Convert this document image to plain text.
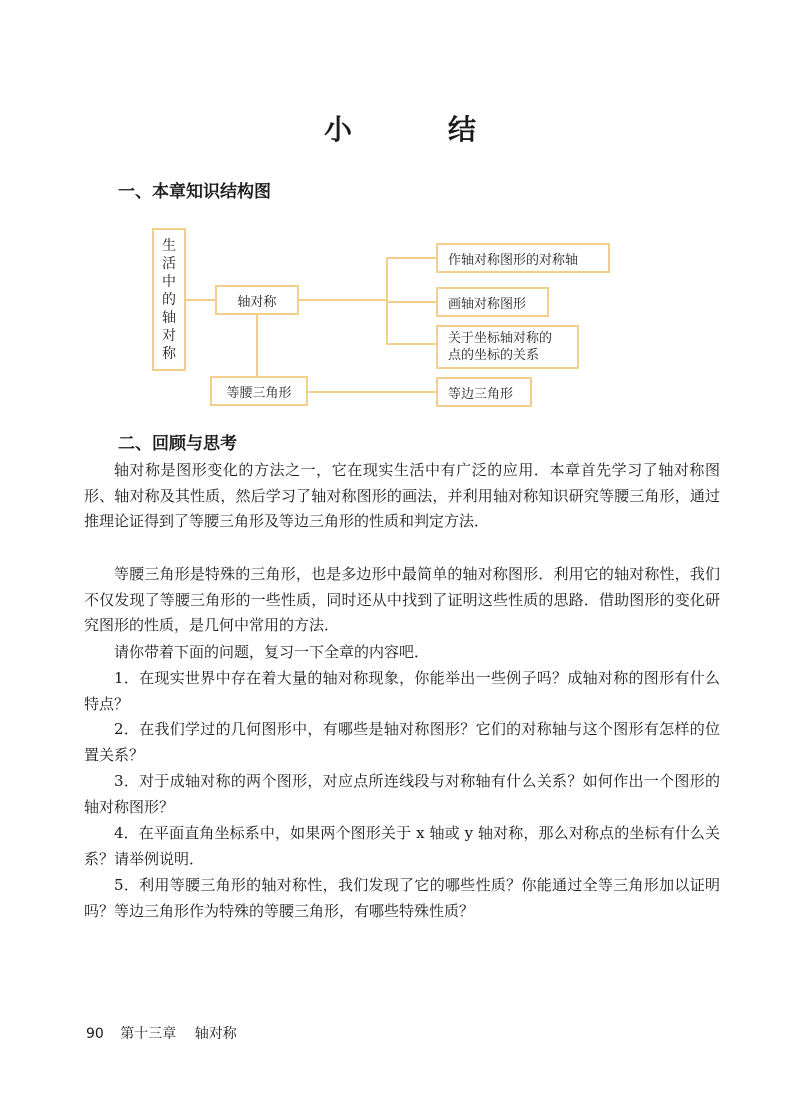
小　结
一、本章知识结构图
生
活
中
的
轴
对
称
轴对称
等腰三角形
作轴对称图形的对称轴
画轴对称图形
关于坐标轴对称的
点的坐标的关系
等边三角形
二、回顾与思考

轴对称是图形变化的方法之一，它在现实生活中有广泛的应用．本章首先学习了轴对称图形、轴对称及其性质，然后学习了轴对称图形的画法，并利用轴对称知识研究等腰三角形，通过推理论证得到了等腰三角形及等边三角形的性质和判定方法．

等腰三角形是特殊的三角形，也是多边形中最简单的轴对称图形．利用它的轴对称性，我们不仅发现了等腰三角形的一些性质，同时还从中找到了证明这些性质的思路．借助图形的变化研究图形的性质，是几何中常用的方法．

请你带着下面的问题，复习一下全章的内容吧．

1．在现实世界中存在着大量的轴对称现象，你能举出一些例子吗？成轴对称的图形有什么特点？

2．在我们学过的几何图形中，有哪些是轴对称图形？它们的对称轴与这个图形有怎样的位置关系？

3．对于成轴对称的两个图形，对应点所连线段与对称轴有什么关系？如何作出一个图形的轴对称图形？

4．在平面直角坐标系中，如果两个图形关于 x 轴或 y 轴对称，那么对称点的坐标有什么关系？请举例说明．

5．利用等腰三角形的轴对称性，我们发现了它的哪些性质？你能通过全等三角形加以证明吗？等边三角形作为特殊的等腰三角形，有哪些特殊性质？

90 第十三章 轴对称
